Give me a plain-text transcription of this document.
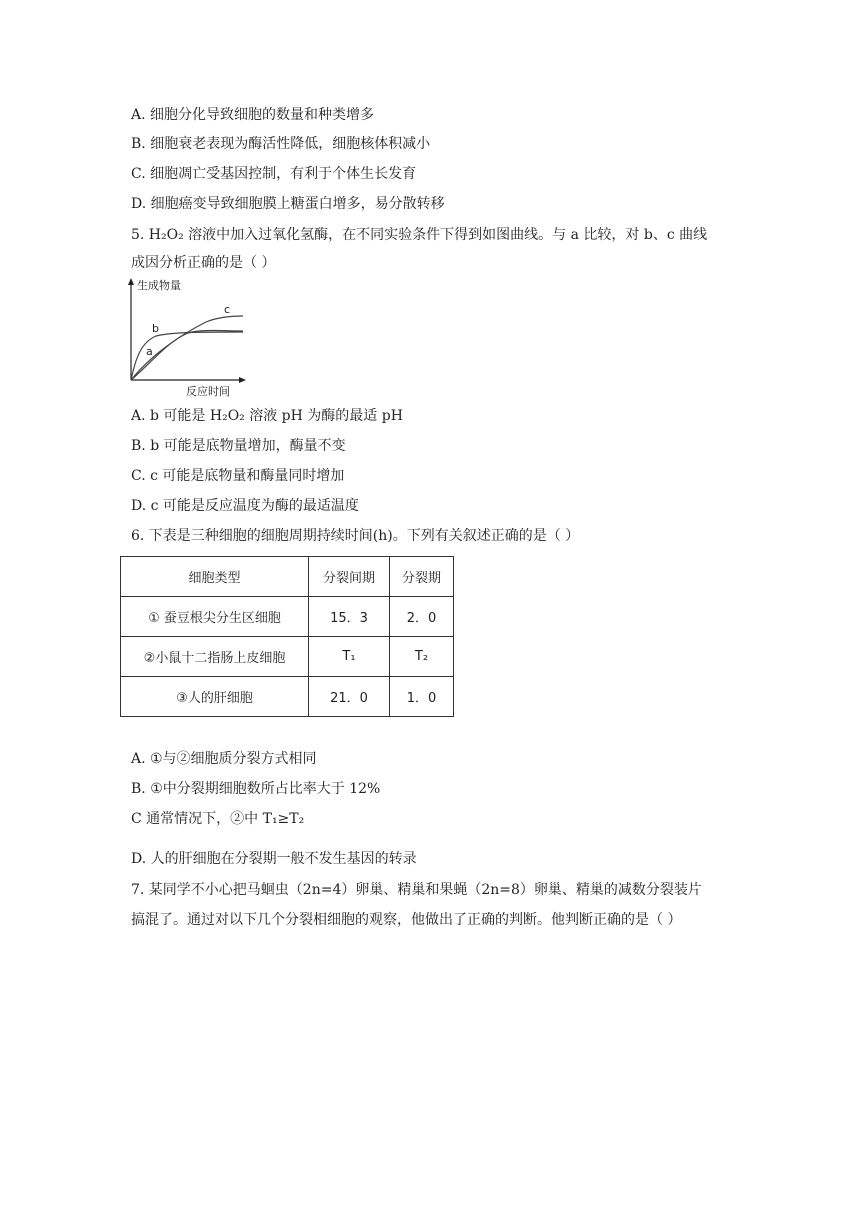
A. 细胞分化导致细胞的数量和种类增多
B. 细胞衰老表现为酶活性降低，细胞核体积减小
C. 细胞凋亡受基因控制，有利于个体生长发育
D. 细胞癌变导致细胞膜上糖蛋白增多，易分散转移
5. H₂O₂ 溶液中加入过氧化氢酶，在不同实验条件下得到如图曲线。与 a 比较，对 b、c 曲线
成因分析正确的是（ ）
生成物量
反应时间
a
b
c
A. b 可能是 H₂O₂ 溶液 pH 为酶的最适 pH
B. b 可能是底物量增加，酶量不变
C. c 可能是底物量和酶量同时增加
D. c 可能是反应温度为酶的最适温度
6. 下表是三种细胞的细胞周期持续时间(h)。下列有关叙述正确的是（ ）
细胞类型	分裂间期	分裂期
① 蚕豆根尖分生区细胞	15．3	2．0
②小鼠十二指肠上皮细胞	T₁	T₂
③人的肝细胞	21．0	1．0
A. ①与②细胞质分裂方式相同
B. ①中分裂期细胞数所占比率大于 12%
C 通常情况下，②中 T₁≥T₂
D. 人的肝细胞在分裂期一般不发生基因的转录
7. 某同学不小心把马蛔虫（2n=4）卵巢、精巢和果蝇（2n=8）卵巢、精巢的减数分裂装片
搞混了。通过对以下几个分裂相细胞的观察，他做出了正确的判断。他判断正确的是（ ）
